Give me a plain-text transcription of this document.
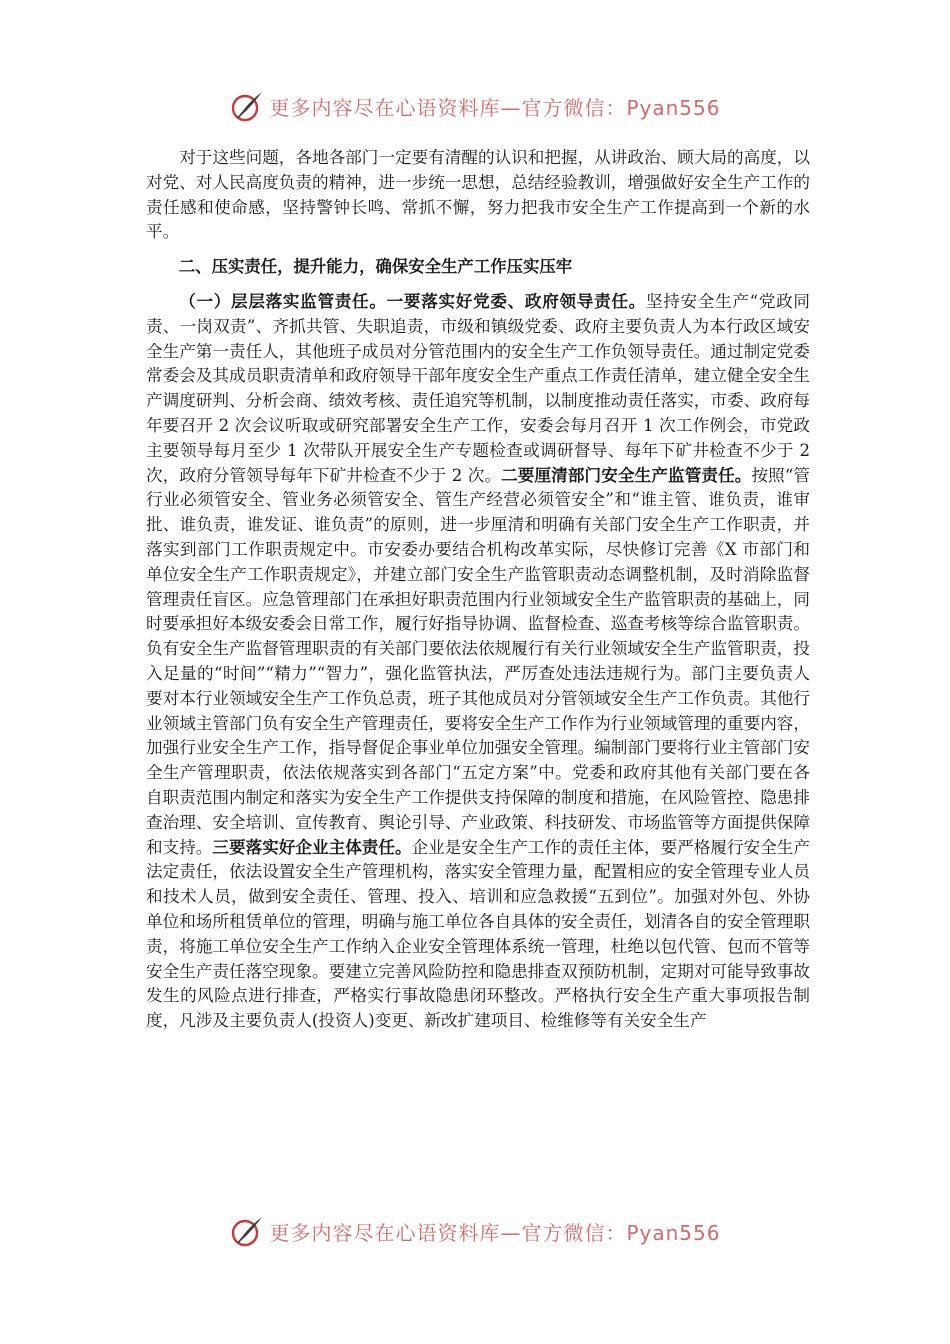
更多内容尽在心语资料库—官方微信：Pyan556

对于这些问题，各地各部门一定要有清醒的认识和把握，从讲政治、顾大局的高度，以对党、对人民高度负责的精神，进一步统一思想，总结经验教训，增强做好安全生产工作的责任感和使命感，坚持警钟长鸣、常抓不懈，努力把我市安全生产工作提高到一个新的水平。

二、压实责任，提升能力，确保安全生产工作压实压牢

（一）层层落实监管责任。一要落实好党委、政府领导责任。坚持安全生产“党政同责、一岗双责”、齐抓共管、失职追责，市级和镇级党委、政府主要负责人为本行政区域安全生产第一责任人，其他班子成员对分管范围内的安全生产工作负领导责任。通过制定党委常委会及其成员职责清单和政府领导干部年度安全生产重点工作责任清单，建立健全安全生产调度研判、分析会商、绩效考核、责任追究等机制，以制度推动责任落实，市委、政府每年要召开 2 次会议听取或研究部署安全生产工作，安委会每月召开 1 次工作例会，市党政主要领导每月至少 1 次带队开展安全生产专题检查或调研督导、每年下矿井检查不少于 2 次，政府分管领导每年下矿井检查不少于 2 次。二要厘清部门安全生产监管责任。按照“管行业必须管安全、管业务必须管安全、管生产经营必须管安全”和“谁主管、谁负责，谁审批、谁负责，谁发证、谁负责”的原则，进一步厘清和明确有关部门安全生产工作职责，并落实到部门工作职责规定中。市安委办要结合机构改革实际，尽快修订完善《X 市部门和单位安全生产工作职责规定》，并建立部门安全生产监管职责动态调整机制，及时消除监督管理责任盲区。应急管理部门在承担好职责范围内行业领域安全生产监管职责的基础上，同时要承担好本级安委会日常工作，履行好指导协调、监督检查、巡查考核等综合监管职责。负有安全生产监督管理职责的有关部门要依法依规履行有关行业领域安全生产监管职责，投入足量的“时间”“精力”“智力”，强化监管执法，严厉查处违法违规行为。部门主要负责人要对本行业领域安全生产工作负总责，班子其他成员对分管领域安全生产工作负责。其他行业领域主管部门负有安全生产管理责任，要将安全生产工作作为行业领域管理的重要内容，加强行业安全生产工作，指导督促企事业单位加强安全管理。编制部门要将行业主管部门安全生产管理职责，依法依规落实到各部门“五定方案”中。党委和政府其他有关部门要在各自职责范围内制定和落实为安全生产工作提供支持保障的制度和措施，在风险管控、隐患排查治理、安全培训、宣传教育、舆论引导、产业政策、科技研发、市场监管等方面提供保障和支持。三要落实好企业主体责任。企业是安全生产工作的责任主体，要严格履行安全生产法定责任，依法设置安全生产管理机构，落实安全管理力量，配置相应的安全管理专业人员和技术人员，做到安全责任、管理、投入、培训和应急救援“五到位”。加强对外包、外协单位和场所租赁单位的管理，明确与施工单位各自具体的安全责任，划清各自的安全管理职责，将施工单位安全生产工作纳入企业安全管理体系统一管理，杜绝以包代管、包而不管等安全生产责任落空现象。要建立完善风险防控和隐患排查双预防机制，定期对可能导致事故发生的风险点进行排查，严格实行事故隐患闭环整改。严格执行安全生产重大事项报告制度，凡涉及主要负责人(投资人)变更、新改扩建项目、检维修等有关安全生产

更多内容尽在心语资料库—官方微信：Pyan556
